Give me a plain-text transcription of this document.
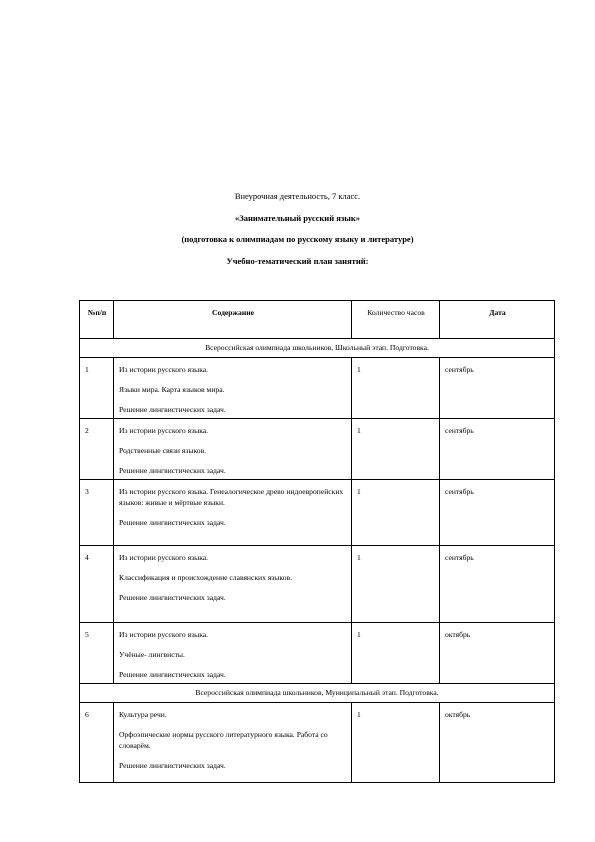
Внеурочная деятельность, 7 класс.

«Занимательный русский язык»

(подготовка к олимпиадам по русскому языку и литературе)

Учебно-тематический план занятий:

№п/п	Содержание	Количество часов	Дата
Всероссийская олимпиада школьников, Школьный этап. Подготовка.			
1	Из истории русского языка.

Языки мира. Карта языков мира.

Решение лингвистических задач.	1	сентябрь
2	Из истории русского языка.

Родственные связи языков.

Решение лингвистических задач.	1	сентябрь
3	Из истории русского языка. Генеалогическое древо индоевропейских языков: живые и мёртвые языки.

Решение лингвистических задач.	1	сентябрь
4	Из истории русского языка.

Классификация и происхождение славянских языков.

Решение лингвистических задач.	1	сентябрь
5	Из истории русского языка.

Учёные- лингвисты.

Решение лингвистических задач.	1	октябрь
Всероссийская олимпиада школьников, Муниципальный этап. Подготовка.			
6	Культура речи.

Орфоэпические нормы русского литературного языка. Работа со словарём.

Решение лингвистических задач.	1	октябрь
